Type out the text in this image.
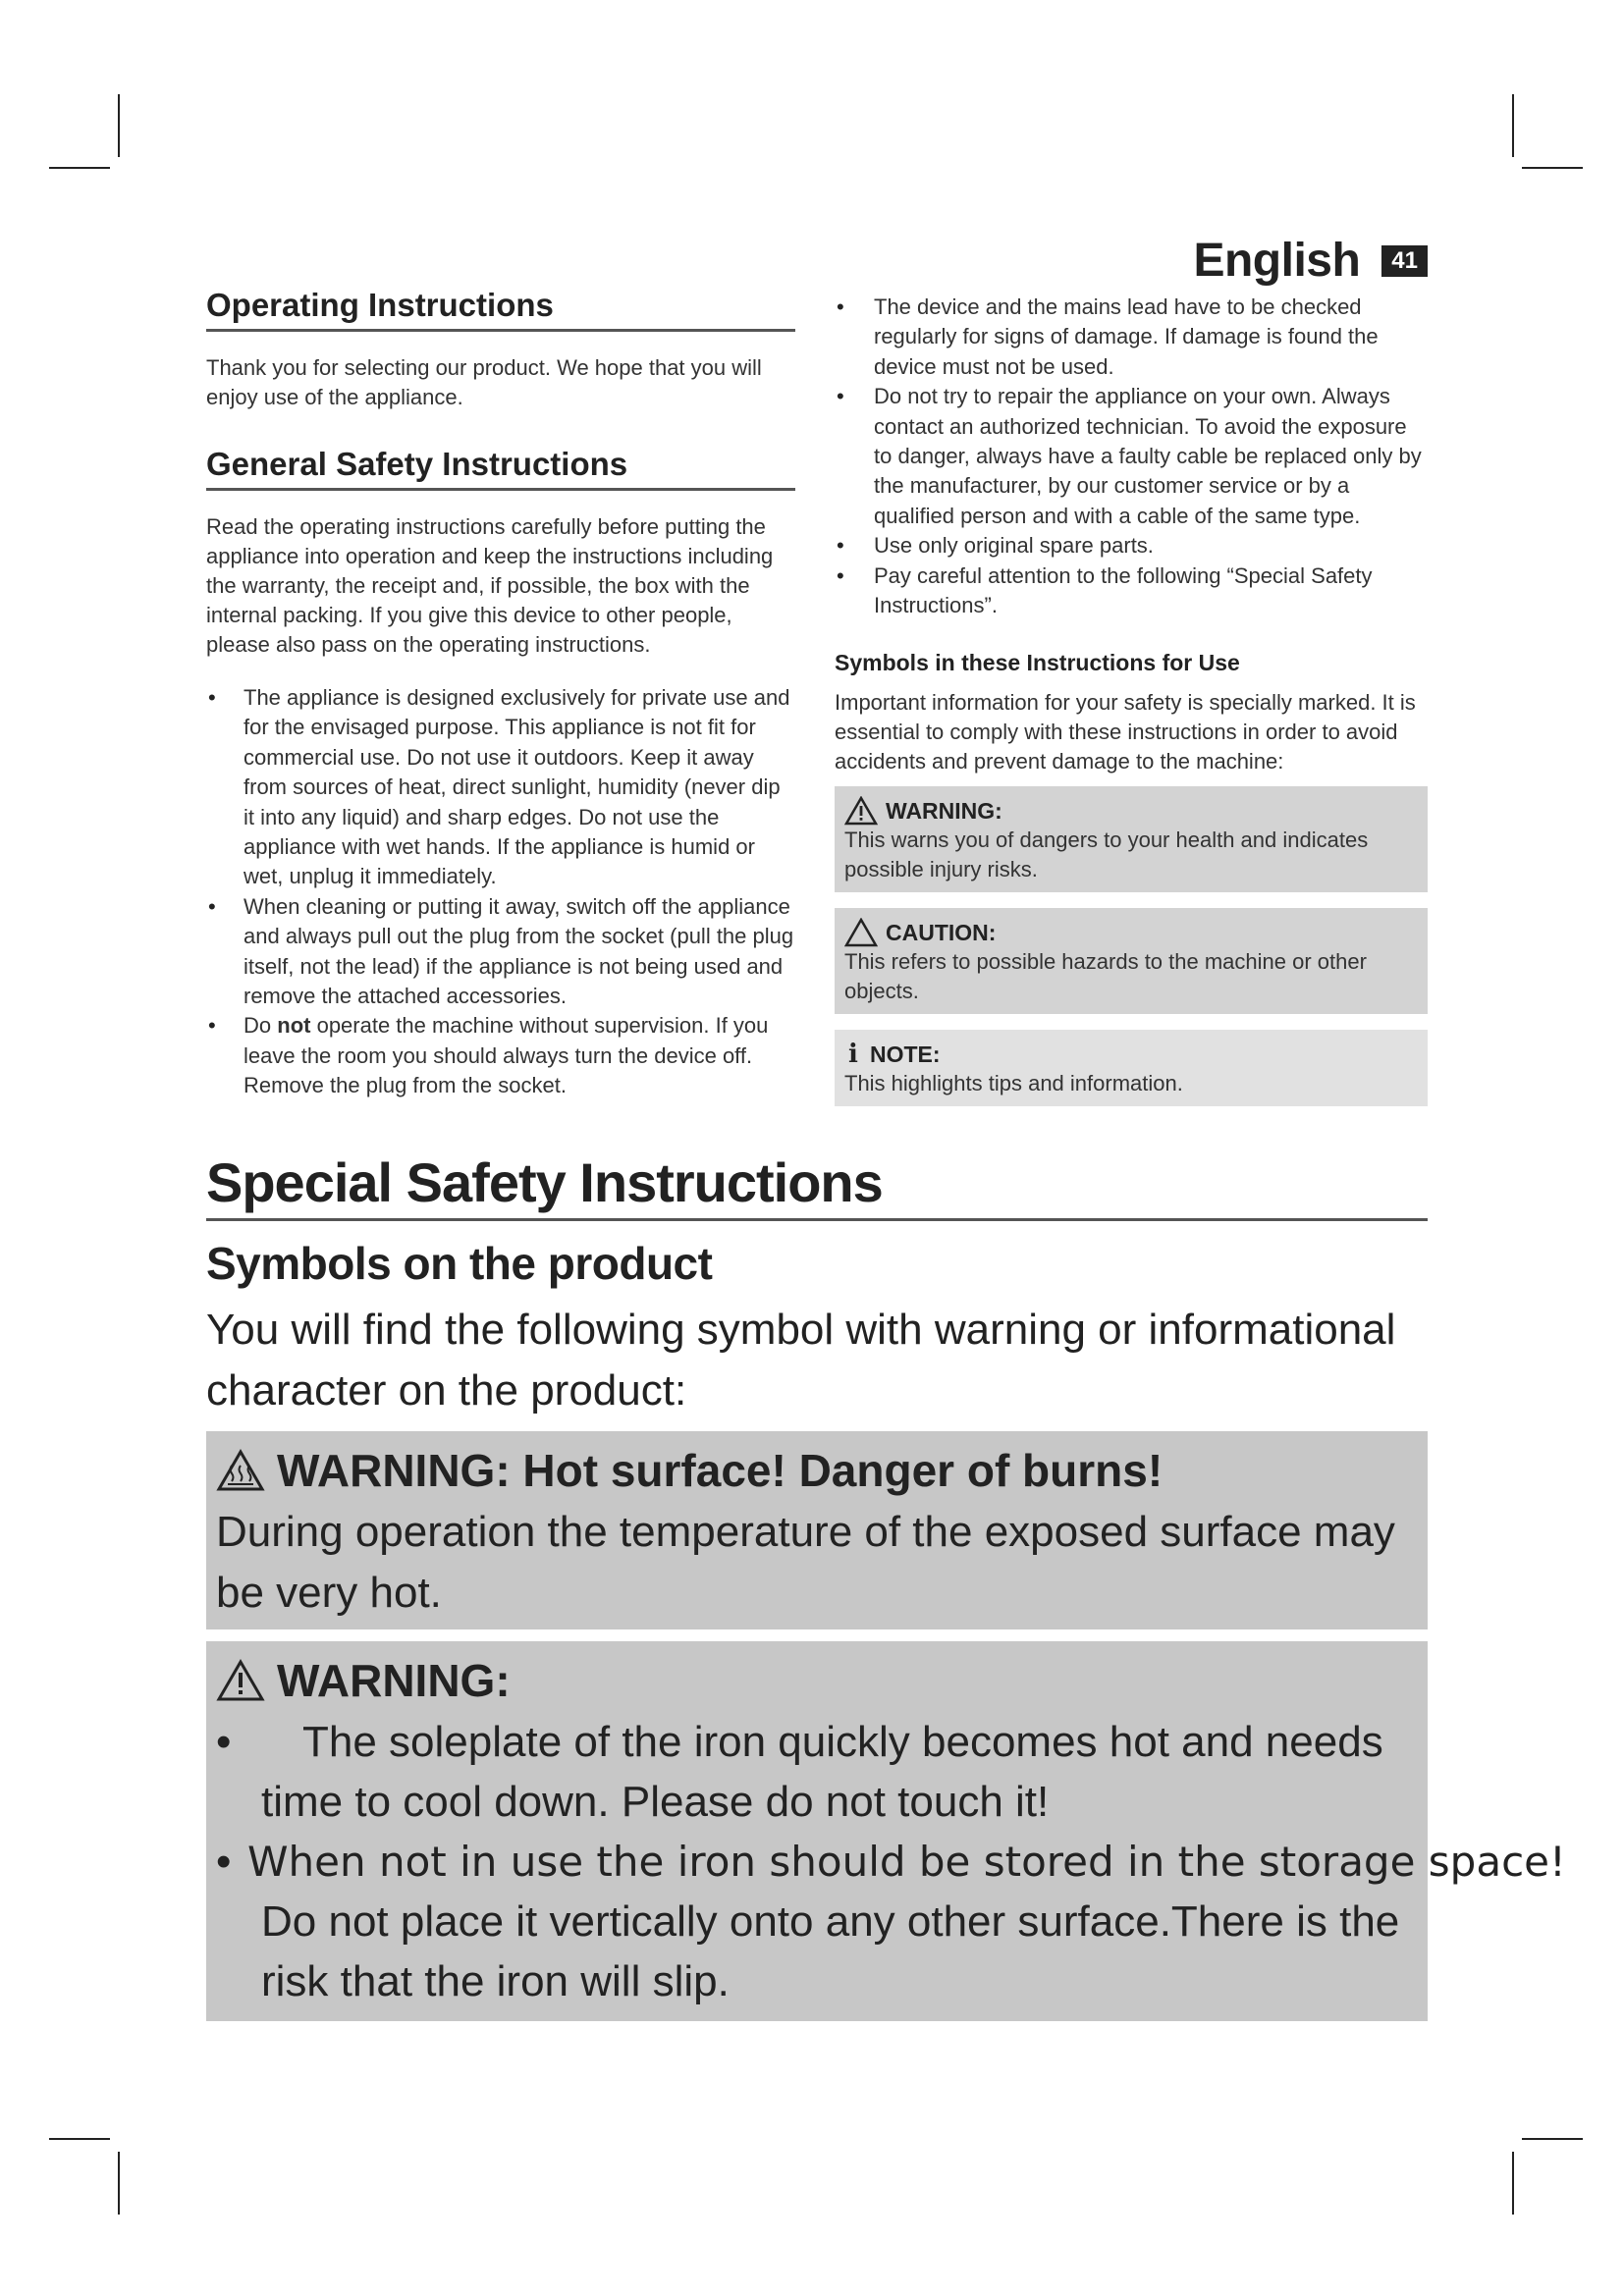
English	41
Operating Instructions

Thank you for selecting our product. We hope that you will enjoy use of the appliance.

General Safety Instructions

Read the operating instructions carefully before putting the appliance into operation and keep the instructions including the warranty, the receipt and, if possible, the box with the internal packing. If you give this device to other people, please also pass on the operating instructions.

• The appliance is designed exclusively for private use and for the envisaged purpose. This appliance is not fit for commercial use. Do not use it outdoors. Keep it away from sources of heat, direct sunlight, humidity (never dip it into any liquid) and sharp edges. Do not use the appliance with wet hands. If the appliance is humid or wet, unplug it immediately.
• When cleaning or putting it away, switch off the appliance and always pull out the plug from the socket (pull the plug itself, not the lead) if the appliance is not being used and remove the attached accessories.
• Do not operate the machine without supervision. If you leave the room you should always turn the device off. Remove the plug from the socket.
• The device and the mains lead have to be checked regularly for signs of damage. If damage is found the device must not be used.
• Do not try to repair the appliance on your own. Always contact an authorized technician. To avoid the exposure to danger, always have a faulty cable be replaced only by the manufacturer, by our customer service or by a qualified person and with a cable of the same type.
• Use only original spare parts.
• Pay careful attention to the following “Special Safety Instructions”.
Symbols in these Instructions for Use

Important information for your safety is specially marked. It is essential to comply with these instructions in order to avoid accidents and prevent damage to the machine:

WARNING:
This warns you of dangers to your health and indicates possible injury risks.
CAUTION:
This refers to possible hazards to the machine or other objects.
i NOTE:
This highlights tips and information.
Special Safety Instructions
Symbols on the product

You will find the following symbol with warning or informational character on the product:

WARNING: Hot surface! Danger of burns!
During operation the temperature of the exposed surface may be very hot.
WARNING:
• The soleplate of the iron quickly becomes hot and needs time to cool down. Please do not touch it!
• When not in use the iron should be stored in the storage space!
Do not place it vertically onto any other surface.There is the risk that the iron will slip.
